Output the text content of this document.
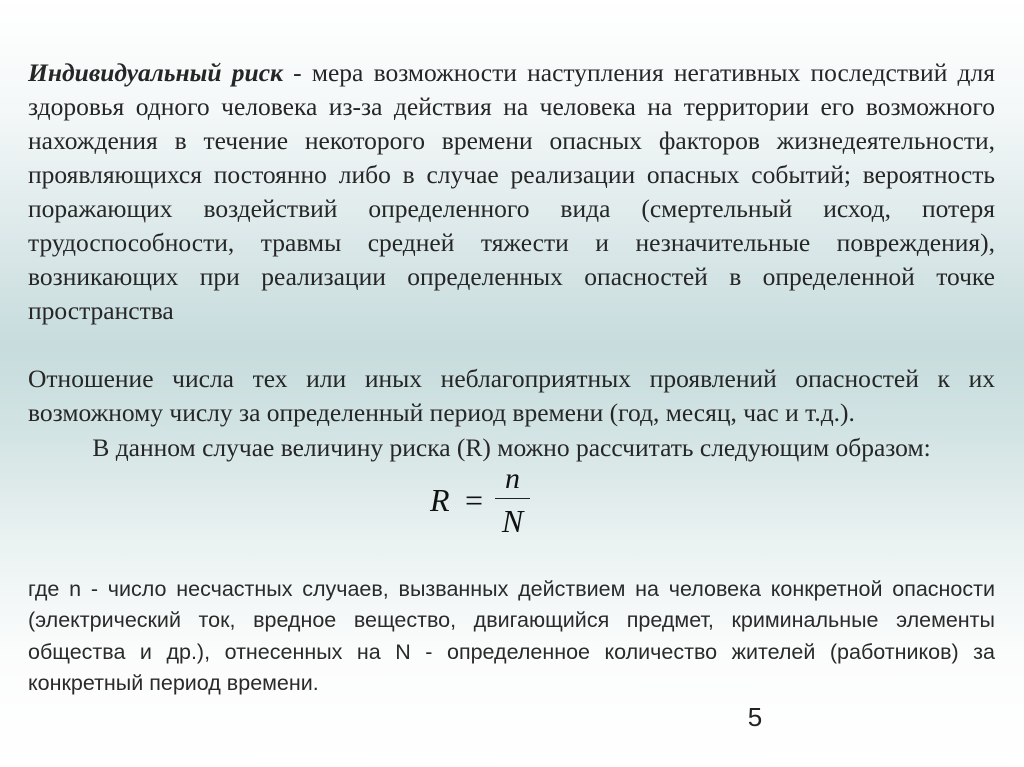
Индивидуальный риск - мера возможности наступления негативных последствий для здоровья одного человека из-за действия на человека на территории его возможного нахождения в течение некоторого времени опасных факторов жизнедеятельности, проявляющихся постоянно либо в случае реализации опасных событий; вероятность поражающих воздействий определенного вида (смертельный исход, потеря трудоспособности, травмы средней тяжести и незначительные повреждения), возникающих при реализации определенных опасностей в определенной точке пространства

Отношение числа тех или иных неблагоприятных проявлений опасностей к их возможному числу за определенный период времени (год, месяц, час и т.д.).

В данном случае величину риска (R) можно рассчитать следующим образом:

R =
n
N

где n - число несчастных случаев, вызванных действием на человека конкретной опасности (электрический ток, вредное вещество, двигающийся предмет, криминальные элементы общества и др.), отнесенных на N - определенное количество жителей (работников) за конкретный период времени.

5
